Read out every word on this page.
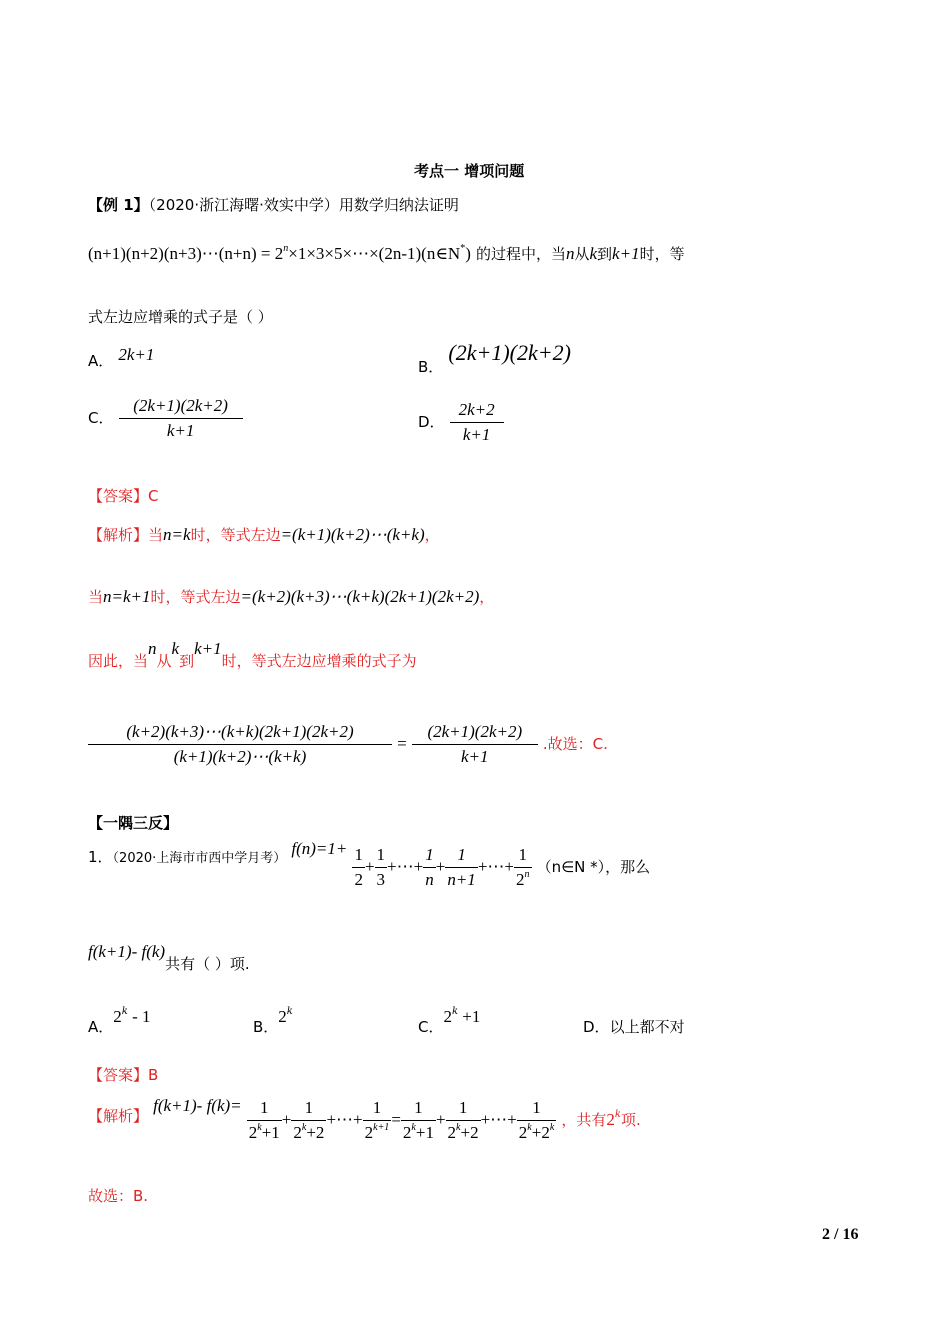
考点一 增项问题
【例 1】（2020·浙江海曙·效实中学）用数学归纳法证明
(n+1)(n+2)(n+3)⋯(n+n) = $2^n\times 1\times 3\times 5\times\cdots\times(2n-1)(n\in N^*)$ 的过程中，当n从k到k+1时，等
式左边应增乘的式子是（ ）
A． 2k+1
B． (2k+1)(2k+2)
C． $\frac{(2k+1)(2k+2)}{k+1}$	D． $\frac{2k+2}{k+1}$
【答案】C
【解析】当n=k时，等式左边=(k+1)(k+2)⋯(k+k)，
当n=k+1时，等式左边=(k+2)(k+3)⋯(k+k)(2k+1)(2k+2)，
因此，当n从k到k+1时，等式左边应增乘的式子为
$\frac{(k+2)(k+3)\cdots(k+k)(2k+1)(2k+2)}{(k+1)(k+2)\cdots(k+k)} = \frac{(2k+1)(2k+2)}{k+1}$ .故选：C.
【一隅三反】
1．$^{(2020\cdot 上海市市西中学月考)}$ $f(n)=1+ \frac{1}{2} + \frac{1}{3}$ +⋯+ $\frac{1}{n} + \frac{1}{n+1}$ +⋯+ $\frac{1}{2^n}$ （n∈N *），那么
f(k+1)- f(k)共有（ ）项.
A．2$^k$ - 1
B．2$^k$
C．$2^k +1$
D．以上都不对
【答案】B
【解析】 f(k+1)- $f(k)= \frac{1}{2^k+1} + \frac{1}{2^k+2}$ +⋯+ $\frac{1}{2^{k+1}} = \frac{1}{2^k+1} + \frac{1}{2^k+2}$ +⋯+ $\frac{1}{2^k+2^k}$ ，共有2$^k$项.
故选：B.
2 / 16
